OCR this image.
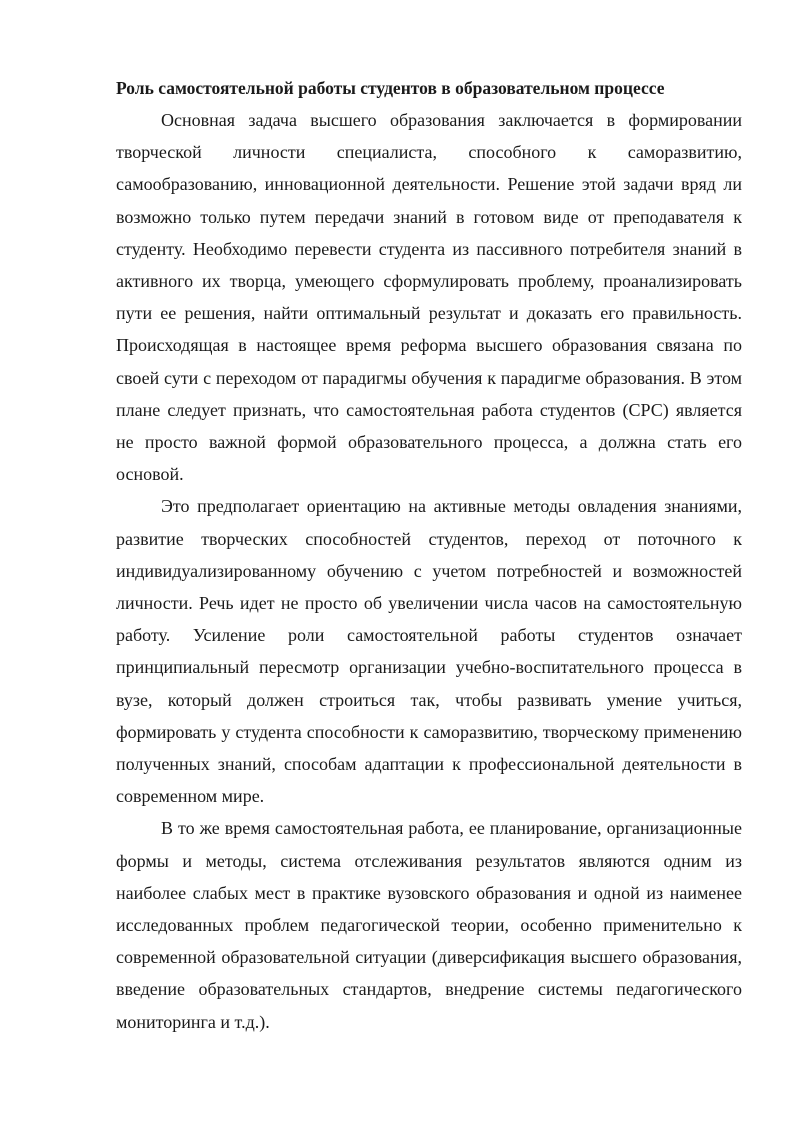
Роль самостоятельной работы студентов в образовательном процессе

Основная задача высшего образования заключается в формировании творческой личности специалиста, способного к саморазвитию, самообразованию, инновационной деятельности. Решение этой задачи вряд ли возможно только путем передачи знаний в готовом виде от преподавателя к студенту. Необходимо перевести студента из пассивного потребителя знаний в активного их творца, умеющего сформулировать проблему, проанализировать пути ее решения, найти оптимальный результат и доказать его правильность. Происходящая в настоящее время реформа высшего образования связана по своей сути с переходом от парадигмы обучения к парадигме образования. В этом плане следует признать, что самостоятельная работа студентов (СРС) является не просто важной формой образовательного процесса, а должна стать его основой.

Это предполагает ориентацию на активные методы овладения знаниями, развитие творческих способностей студентов, переход от поточного к индивидуализированному обучению с учетом потребностей и возможностей личности. Речь идет не просто об увеличении числа часов на самостоятельную работу. Усиление роли самостоятельной работы студентов означает принципиальный пересмотр организации учебно-воспитательного процесса в вузе, который должен строиться так, чтобы развивать умение учиться, формировать у студента способности к саморазвитию, творческому применению полученных знаний, способам адаптации к профессиональной деятельности в современном мире.

В то же время самостоятельная работа, ее планирование, организационные формы и методы, система отслеживания результатов являются одним из наиболее слабых мест в практике вузовского образования и одной из наименее исследованных проблем педагогической теории, особенно применительно к современной образовательной ситуации (диверсификация высшего образования, введение образовательных стандартов, внедрение системы педагогического мониторинга и т.д.).
